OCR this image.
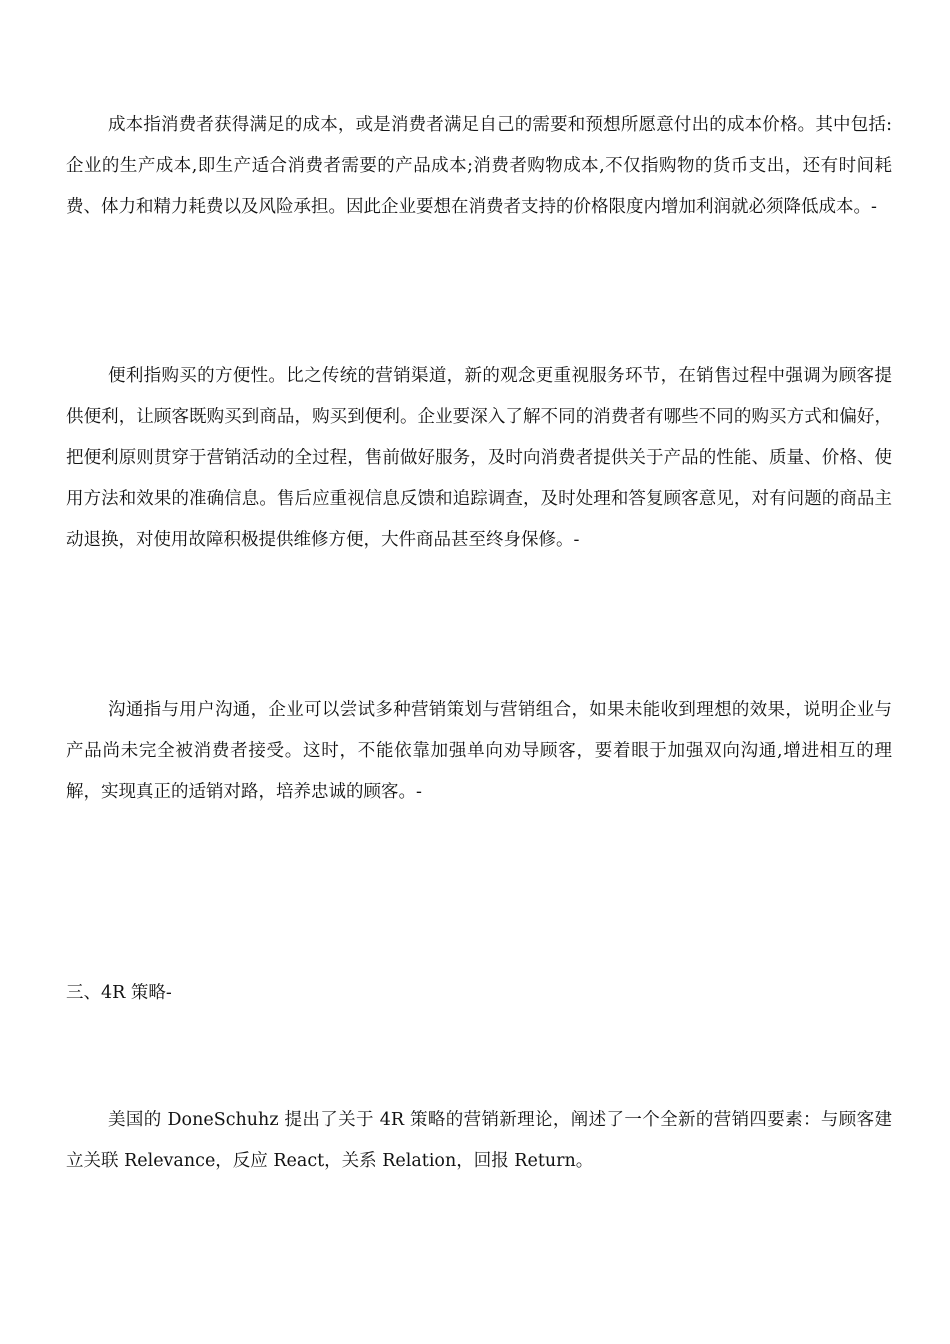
成本指消费者获得满足的成本，或是消费者满足自己的需要和预想所愿意付出的成本价格。其中包括:企业的生产成本,即生产适合消费者需要的产品成本;消费者购物成本,不仅指购物的货币支出，还有时间耗费、体力和精力耗费以及风险承担。因此企业要想在消费者支持的价格限度内增加利润就必须降低成本。-

便利指购买的方便性。比之传统的营销渠道，新的观念更重视服务环节，在销售过程中强调为顾客提供便利，让顾客既购买到商品，购买到便利。企业要深入了解不同的消费者有哪些不同的购买方式和偏好，把便利原则贯穿于营销活动的全过程，售前做好服务，及时向消费者提供关于产品的性能、质量、价格、使用方法和效果的准确信息。售后应重视信息反馈和追踪调查，及时处理和答复顾客意见，对有问题的商品主动退换，对使用故障积极提供维修方便，大件商品甚至终身保修。-

沟通指与用户沟通，企业可以尝试多种营销策划与营销组合，如果未能收到理想的效果，说明企业与产品尚未完全被消费者接受。这时，不能依靠加强单向劝导顾客，要着眼于加强双向沟通,增进相互的理解，实现真正的适销对路，培养忠诚的顾客。-

三、4R 策略-

美国的 DoneSchuhz 提出了关于 4R 策略的营销新理论，阐述了一个全新的营销四要素：与顾客建立关联 Relevance，反应 React，关系 Relation，回报 Return。
